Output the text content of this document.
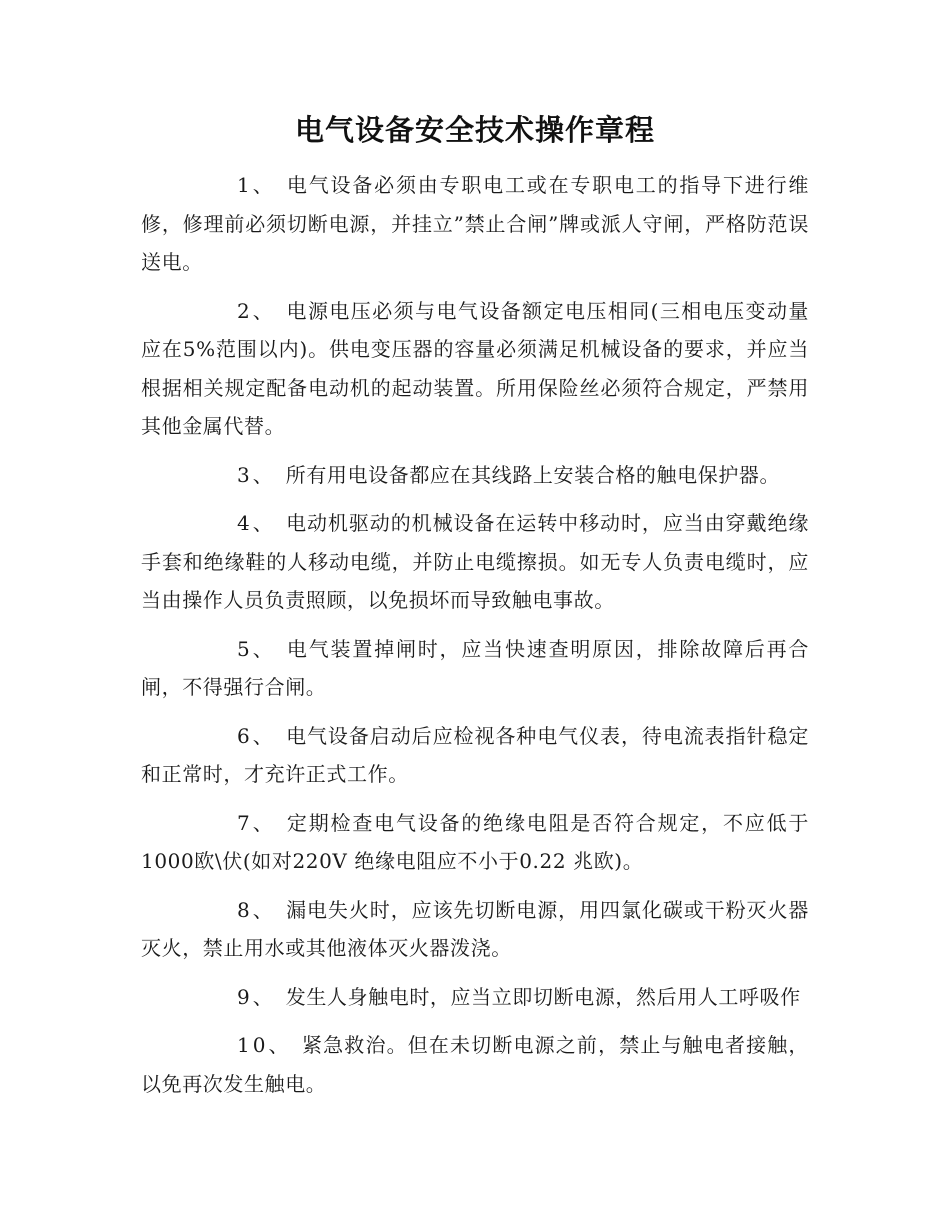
电气设备安全技术操作章程

1、 电气设备必须由专职电工或在专职电工的指导下进行维修，修理前必须切断电源，并挂立”禁止合闸”牌或派人守闸，严格防范误送电。

2、 电源电压必须与电气设备额定电压相同(三相电压变动量应在5%范围以内)。供电变压器的容量必须满足机械设备的要求，并应当根据相关规定配备电动机的起动装置。所用保险丝必须符合规定，严禁用其他金属代替。

3、 所有用电设备都应在其线路上安装合格的触电保护器。

4、 电动机驱动的机械设备在运转中移动时，应当由穿戴绝缘手套和绝缘鞋的人移动电缆，并防止电缆擦损。如无专人负责电缆时，应当由操作人员负责照顾，以免损坏而导致触电事故。

5、 电气装置掉闸时，应当快速查明原因，排除故障后再合闸，不得强行合闸。

6、 电气设备启动后应检视各种电气仪表，待电流表指针稳定和正常时，才充许正式工作。

7、 定期检查电气设备的绝缘电阻是否符合规定，不应低于1000欧\伏(如对220V 绝缘电阻应不小于0.22 兆欧)。

8、 漏电失火时，应该先切断电源，用四氯化碳或干粉灭火器灭火，禁止用水或其他液体灭火器泼浇。

9、 发生人身触电时，应当立即切断电源，然后用人工呼吸作

10、 紧急救治。但在未切断电源之前，禁止与触电者接触，以免再次发生触电。
